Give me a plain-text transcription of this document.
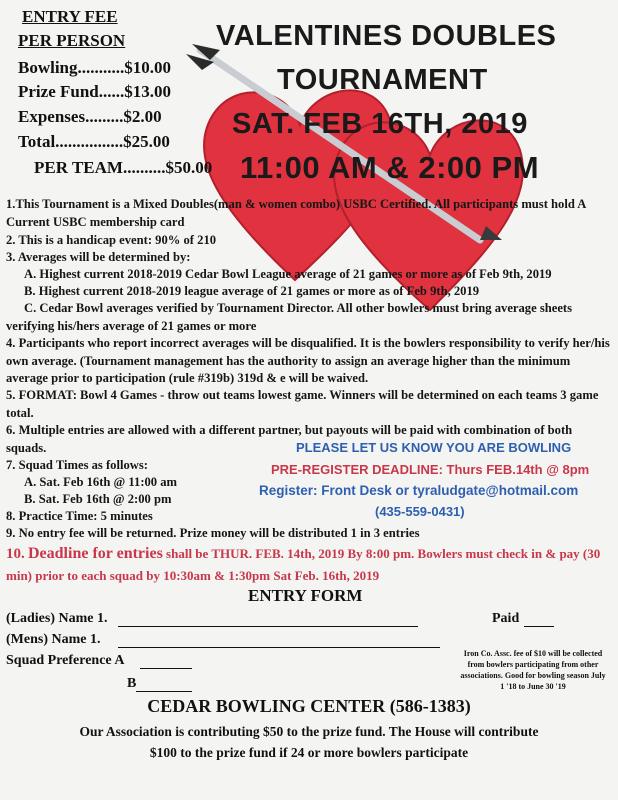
ENTRY FEE
PER PERSON
Bowling...........$10.00
Prize Fund......$13.00
Expenses.........$2.00
Total................$25.00
PER TEAM..........$50.00
VALENTINES DOUBLES
TOURNAMENT
SAT. FEB 16TH, 2019
11:00 AM & 2:00 PM
1.This Tournament is a Mixed Doubles(man & women combo) USBC Certified. All participants must hold A Current USBC membership card
2. This is a handicap event: 90% of 210
3. Averages will be determined by:
A. Highest current 2018-2019 Cedar Bowl League average of 21 games or more as of Feb 9th, 2019
B. Highest current 2018-2019 league average of 21 games or more as of Feb 9th, 2019
C. Cedar Bowl averages verified by Tournament Director. All other bowlers must bring average sheets verifying his/hers average of 21 games or more
4. Participants who report incorrect averages will be disqualified. It is the bowlers responsibility to verify her/his own average. (Tournament management has the authority to assign an average higher than the minimum average prior to participation (rule #319b) 319d & e will be waived.
5. FORMAT: Bowl 4 Games - throw out teams lowest game. Winners will be determined on each teams 3 game total.
6. Multiple entries are allowed with a different partner, but payouts will be paid with combination of both squads.
7. Squad Times as follows:
A. Sat. Feb 16th @ 11:00 am
B. Sat. Feb 16th @ 2:00 pm
8. Practice Time: 5 minutes
9. No entry fee will be returned. Prize money will be distributed 1 in 3 entries
PLEASE LET US KNOW YOU ARE BOWLING
PRE-REGISTER DEADLINE: Thurs FEB.14th @ 8pm
Register: Front Desk or tyraludgate@hotmail.com
(435-559-0431)
10. Deadline for entries shall be THUR. FEB. 14th, 2019 By 8:00 pm. Bowlers must check in & pay (30 min) prior to each squad by 10:30am & 1:30pm Sat Feb. 16th, 2019
ENTRY FORM
(Ladies) Name 1.	Paid
(Mens) Name 1.
Squad Preference A
B
Iron Co. Assc. fee of $10 will be collected from bowlers participating from other associations. Good for bowling season July 1 '18 to June 30 '19
CEDAR BOWLING CENTER (586-1383)
Our Association is contributing $50 to the prize fund. The House will contribute
$100 to the prize fund if 24 or more bowlers participate
